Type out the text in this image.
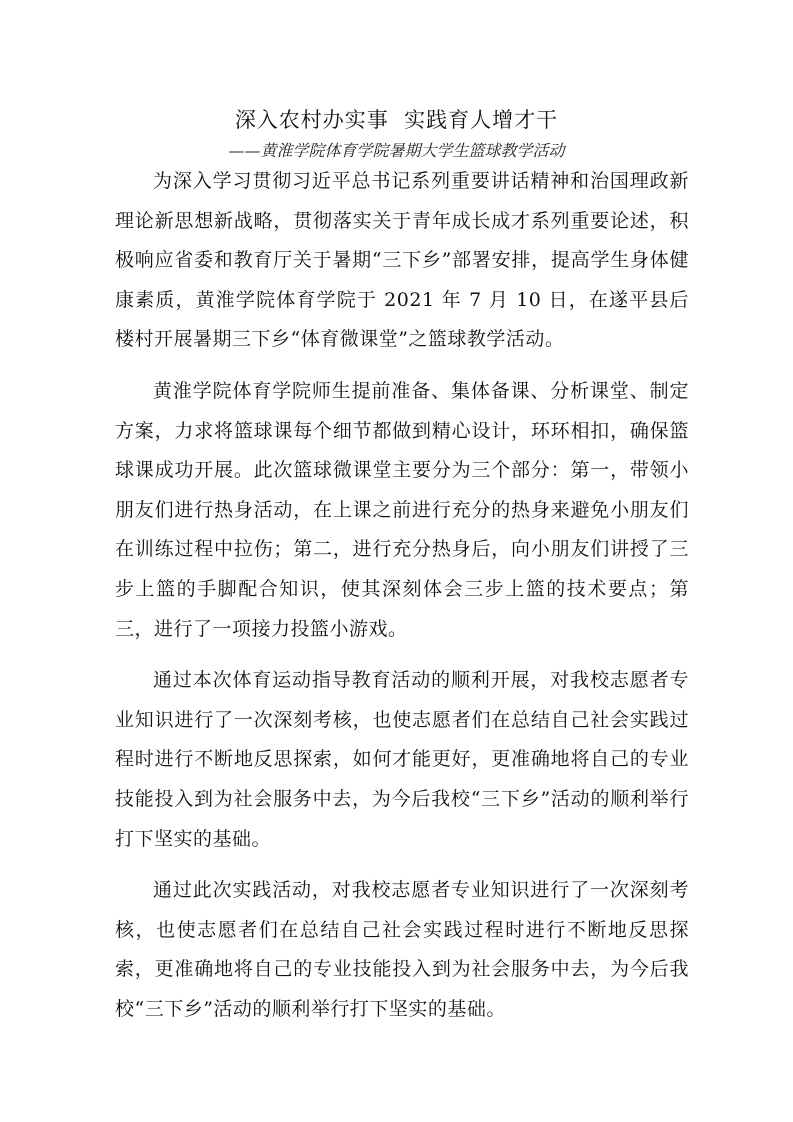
深入农村办实事  实践育人增才干
——黄淮学院体育学院暑期大学生篮球教学活动

为深入学习贯彻习近平总书记系列重要讲话精神和治国理政新理论新思想新战略，贯彻落实关于青年成长成才系列重要论述，积极响应省委和教育厅关于暑期“三下乡”部署安排，提高学生身体健康素质，黄淮学院体育学院于 2021 年 7 月 10 日，在遂平县后楼村开展暑期三下乡“体育微课堂”之篮球教学活动。

黄淮学院体育学院师生提前准备、集体备课、分析课堂、制定方案，力求将篮球课每个细节都做到精心设计，环环相扣，确保篮球课成功开展。此次篮球微课堂主要分为三个部分：第一，带领小朋友们进行热身活动，在上课之前进行充分的热身来避免小朋友们在训练过程中拉伤；第二，进行充分热身后，向小朋友们讲授了三步上篮的手脚配合知识，使其深刻体会三步上篮的技术要点；第三，进行了一项接力投篮小游戏。

通过本次体育运动指导教育活动的顺利开展，对我校志愿者专业知识进行了一次深刻考核，也使志愿者们在总结自己社会实践过程时进行不断地反思探索，如何才能更好，更准确地将自己的专业技能投入到为社会服务中去，为今后我校“三下乡”活动的顺利举行打下坚实的基础。

通过此次实践活动，对我校志愿者专业知识进行了一次深刻考核，也使志愿者们在总结自己社会实践过程时进行不断地反思探索，更准确地将自己的专业技能投入到为社会服务中去，为今后我校“三下乡”活动的顺利举行打下坚实的基础。
